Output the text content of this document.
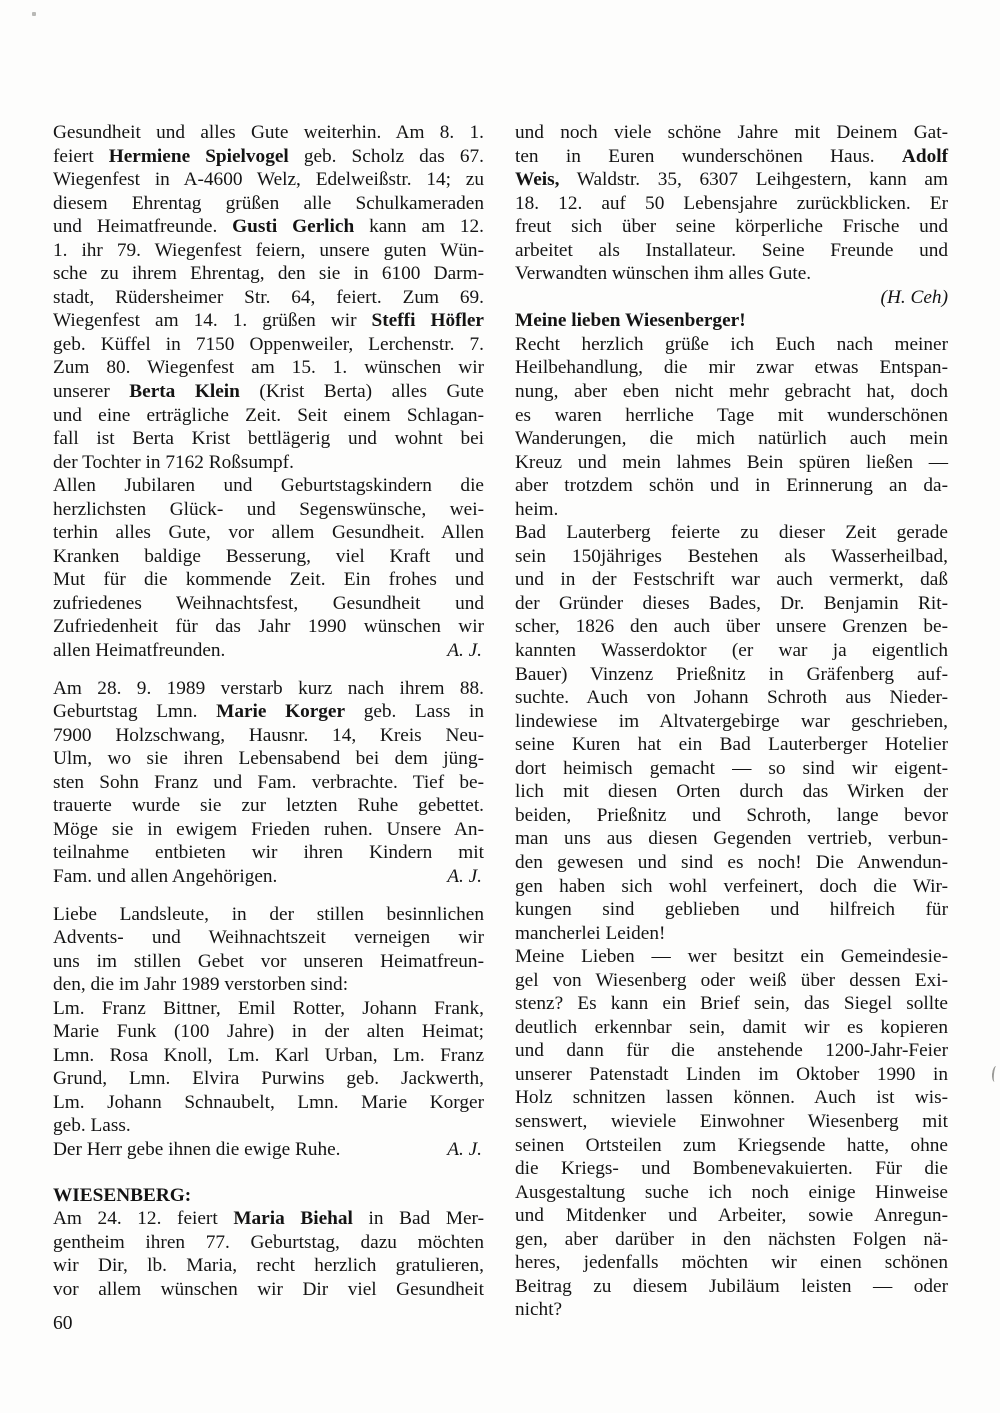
Gesundheit und alles Gute weiterhin. Am 8. 1.
feiert Hermiene Spielvogel geb. Scholz das 67.
Wiegenfest in A-4600 Welz, Edelweißstr. 14; zu
diesem Ehrentag grüßen alle Schulkameraden
und Heimatfreunde. Gusti Gerlich kann am 12.
1. ihr 79. Wiegenfest feiern, unsere guten Wün-
sche zu ihrem Ehrentag, den sie in 6100 Darm-
stadt, Rüdersheimer Str. 64, feiert. Zum 69.
Wiegenfest am 14. 1. grüßen wir Steffi Höfler
geb. Küffel in 7150 Oppenweiler, Lerchenstr. 7.
Zum 80. Wiegenfest am 15. 1. wünschen wir
unserer Berta Klein (Krist Berta) alles Gute
und eine erträgliche Zeit. Seit einem Schlagan-
fall ist Berta Krist bettlägerig und wohnt bei
der Tochter in 7162 Roßsumpf.
Allen Jubilaren und Geburtstagskindern die
herzlichsten Glück- und Segenswünsche, wei-
terhin alles Gute, vor allem Gesundheit. Allen
Kranken baldige Besserung, viel Kraft und
Mut für die kommende Zeit. Ein frohes und
zufriedenes Weihnachtsfest, Gesundheit und
Zufriedenheit für das Jahr 1990 wünschen wir
allen Heimatfreunden.	A. J.
Am 28. 9. 1989 verstarb kurz nach ihrem 88.
Geburtstag Lmn. Marie Korger geb. Lass in
7900 Holzschwang, Hausnr. 14, Kreis Neu-
Ulm, wo sie ihren Lebensabend bei dem jüng-
sten Sohn Franz und Fam. verbrachte. Tief be-
trauerte wurde sie zur letzten Ruhe gebettet.
Möge sie in ewigem Frieden ruhen. Unsere An-
teilnahme entbieten wir ihren Kindern mit
Fam. und allen Angehörigen.	A. J.
Liebe Landsleute, in der stillen besinnlichen
Advents- und Weihnachtszeit verneigen wir
uns im stillen Gebet vor unseren Heimatfreun-
den, die im Jahr 1989 verstorben sind:
Lm. Franz Bittner, Emil Rotter, Johann Frank,
Marie Funk (100 Jahre) in der alten Heimat;
Lmn. Rosa Knoll, Lm. Karl Urban, Lm. Franz
Grund, Lmn. Elvira Purwins geb. Jackwerth,
Lm. Johann Schnaubelt, Lmn. Marie Korger
geb. Lass.
Der Herr gebe ihnen die ewige Ruhe.	A. J.
WIESENBERG:
Am 24. 12. feiert Maria Biehal in Bad Mer-
gentheim ihren 77. Geburtstag, dazu möchten
wir Dir, lb. Maria, recht herzlich gratulieren,
vor allem wünschen wir Dir viel Gesundheit
und noch viele schöne Jahre mit Deinem Gat-
ten in Euren wunderschönen Haus. Adolf
Weis, Waldstr. 35, 6307 Leihgestern, kann am
18. 12. auf 50 Lebensjahre zurückblicken. Er
freut sich über seine körperliche Frische und
arbeitet als Installateur. Seine Freunde und
Verwandten wünschen ihm alles Gute.
(H. Ceh)
Meine lieben Wiesenberger!
Recht herzlich grüße ich Euch nach meiner
Heilbehandlung, die mir zwar etwas Entspan-
nung, aber eben nicht mehr gebracht hat, doch
es waren herrliche Tage mit wunderschönen
Wanderungen, die mich natürlich auch mein
Kreuz und mein lahmes Bein spüren ließen —
aber trotzdem schön und in Erinnerung an da-
heim.
Bad Lauterberg feierte zu dieser Zeit gerade
sein 150jähriges Bestehen als Wasserheilbad,
und in der Festschrift war auch vermerkt, daß
der Gründer dieses Bades, Dr. Benjamin Rit-
scher, 1826 den auch über unsere Grenzen be-
kannten Wasserdoktor (er war ja eigentlich
Bauer) Vinzenz Prießnitz in Gräfenberg auf-
suchte. Auch von Johann Schroth aus Nieder-
lindewiese im Altvatergebirge war geschrieben,
seine Kuren hat ein Bad Lauterberger Hotelier
dort heimisch gemacht — so sind wir eigent-
lich mit diesen Orten durch das Wirken der
beiden, Prießnitz und Schroth, lange bevor
man uns aus diesen Gegenden vertrieb, verbun-
den gewesen und sind es noch! Die Anwendun-
gen haben sich wohl verfeinert, doch die Wir-
kungen sind geblieben und hilfreich für
mancherlei Leiden!
Meine Lieben — wer besitzt ein Gemeindesie-
gel von Wiesenberg oder weiß über dessen Exi-
stenz? Es kann ein Brief sein, das Siegel sollte
deutlich erkennbar sein, damit wir es kopieren
und dann für die anstehende 1200-Jahr-Feier
unserer Patenstadt Linden im Oktober 1990 in
Holz schnitzen lassen können. Auch ist wis-
senswert, wieviele Einwohner Wiesenberg mit
seinen Ortsteilen zum Kriegsende hatte, ohne
die Kriegs- und Bombenevakuierten. Für die
Ausgestaltung suche ich noch einige Hinweise
und Mitdenker und Arbeiter, sowie Anregun-
gen, aber darüber in den nächsten Folgen nä-
heres, jedenfalls möchten wir einen schönen
Beitrag zu diesem Jubiläum leisten — oder
nicht?
60
